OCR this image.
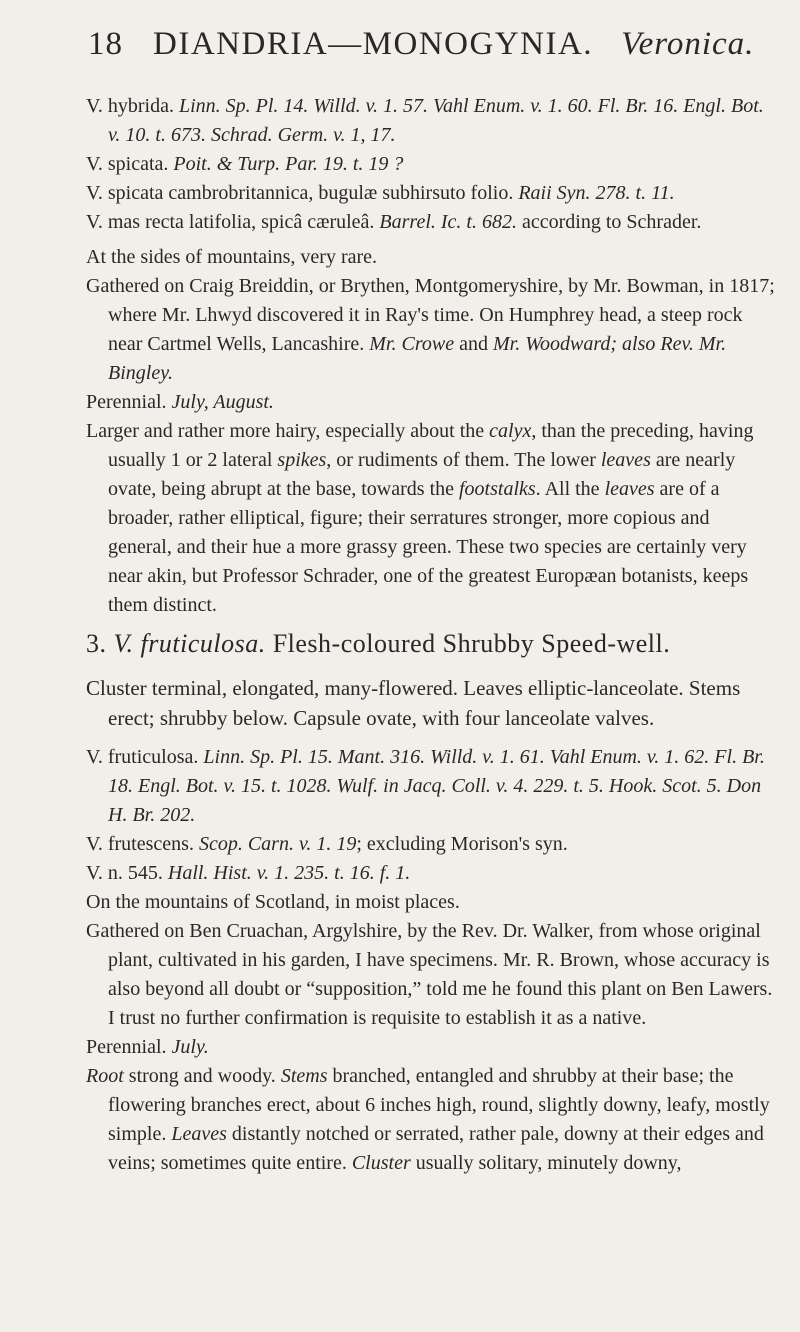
18 DIANDRIA—MONOGYNIA. Veronica.

V. hybrida. Linn. Sp. Pl. 14. Willd. v. 1. 57. Vahl Enum. v. 1. 60. Fl. Br. 16. Engl. Bot. v. 10. t. 673. Schrad. Germ. v. 1, 17.

V. spicata. Poit. & Turp. Par. 19. t. 19 ?

V. spicata cambrobritannica, bugulæ subhirsuto folio. Raii Syn. 278. t. 11.

V. mas recta latifolia, spicâ cæruleâ. Barrel. Ic. t. 682. according to Schrader.

At the sides of mountains, very rare.

Gathered on Craig Breiddin, or Brythen, Montgomeryshire, by Mr. Bowman, in 1817; where Mr. Lhwyd discovered it in Ray's time. On Humphrey head, a steep rock near Cartmel Wells, Lancashire. Mr. Crowe and Mr. Woodward; also Rev. Mr. Bingley.

Perennial. July, August.

Larger and rather more hairy, especially about the calyx, than the preceding, having usually 1 or 2 lateral spikes, or rudiments of them. The lower leaves are nearly ovate, being abrupt at the base, towards the footstalks. All the leaves are of a broader, rather elliptical, figure; their serratures stronger, more copious and general, and their hue a more grassy green. These two species are certainly very near akin, but Professor Schrader, one of the greatest Europæan botanists, keeps them distinct.

3. V. fruticulosa. Flesh-coloured Shrubby Speed-well.

Cluster terminal, elongated, many-flowered. Leaves elliptic-lanceolate. Stems erect; shrubby below. Capsule ovate, with four lanceolate valves.

V. fruticulosa. Linn. Sp. Pl. 15. Mant. 316. Willd. v. 1. 61. Vahl Enum. v. 1. 62. Fl. Br. 18. Engl. Bot. v. 15. t. 1028. Wulf. in Jacq. Coll. v. 4. 229. t. 5. Hook. Scot. 5. Don H. Br. 202.

V. frutescens. Scop. Carn. v. 1. 19; excluding Morison's syn.

V. n. 545. Hall. Hist. v. 1. 235. t. 16. f. 1.

On the mountains of Scotland, in moist places.

Gathered on Ben Cruachan, Argylshire, by the Rev. Dr. Walker, from whose original plant, cultivated in his garden, I have specimens. Mr. R. Brown, whose accuracy is also beyond all doubt or “supposition,” told me he found this plant on Ben Lawers. I trust no further confirmation is requisite to establish it as a native.

Perennial. July.

Root strong and woody. Stems branched, entangled and shrubby at their base; the flowering branches erect, about 6 inches high, round, slightly downy, leafy, mostly simple. Leaves distantly notched or serrated, rather pale, downy at their edges and veins; sometimes quite entire. Cluster usually solitary, minutely downy,
